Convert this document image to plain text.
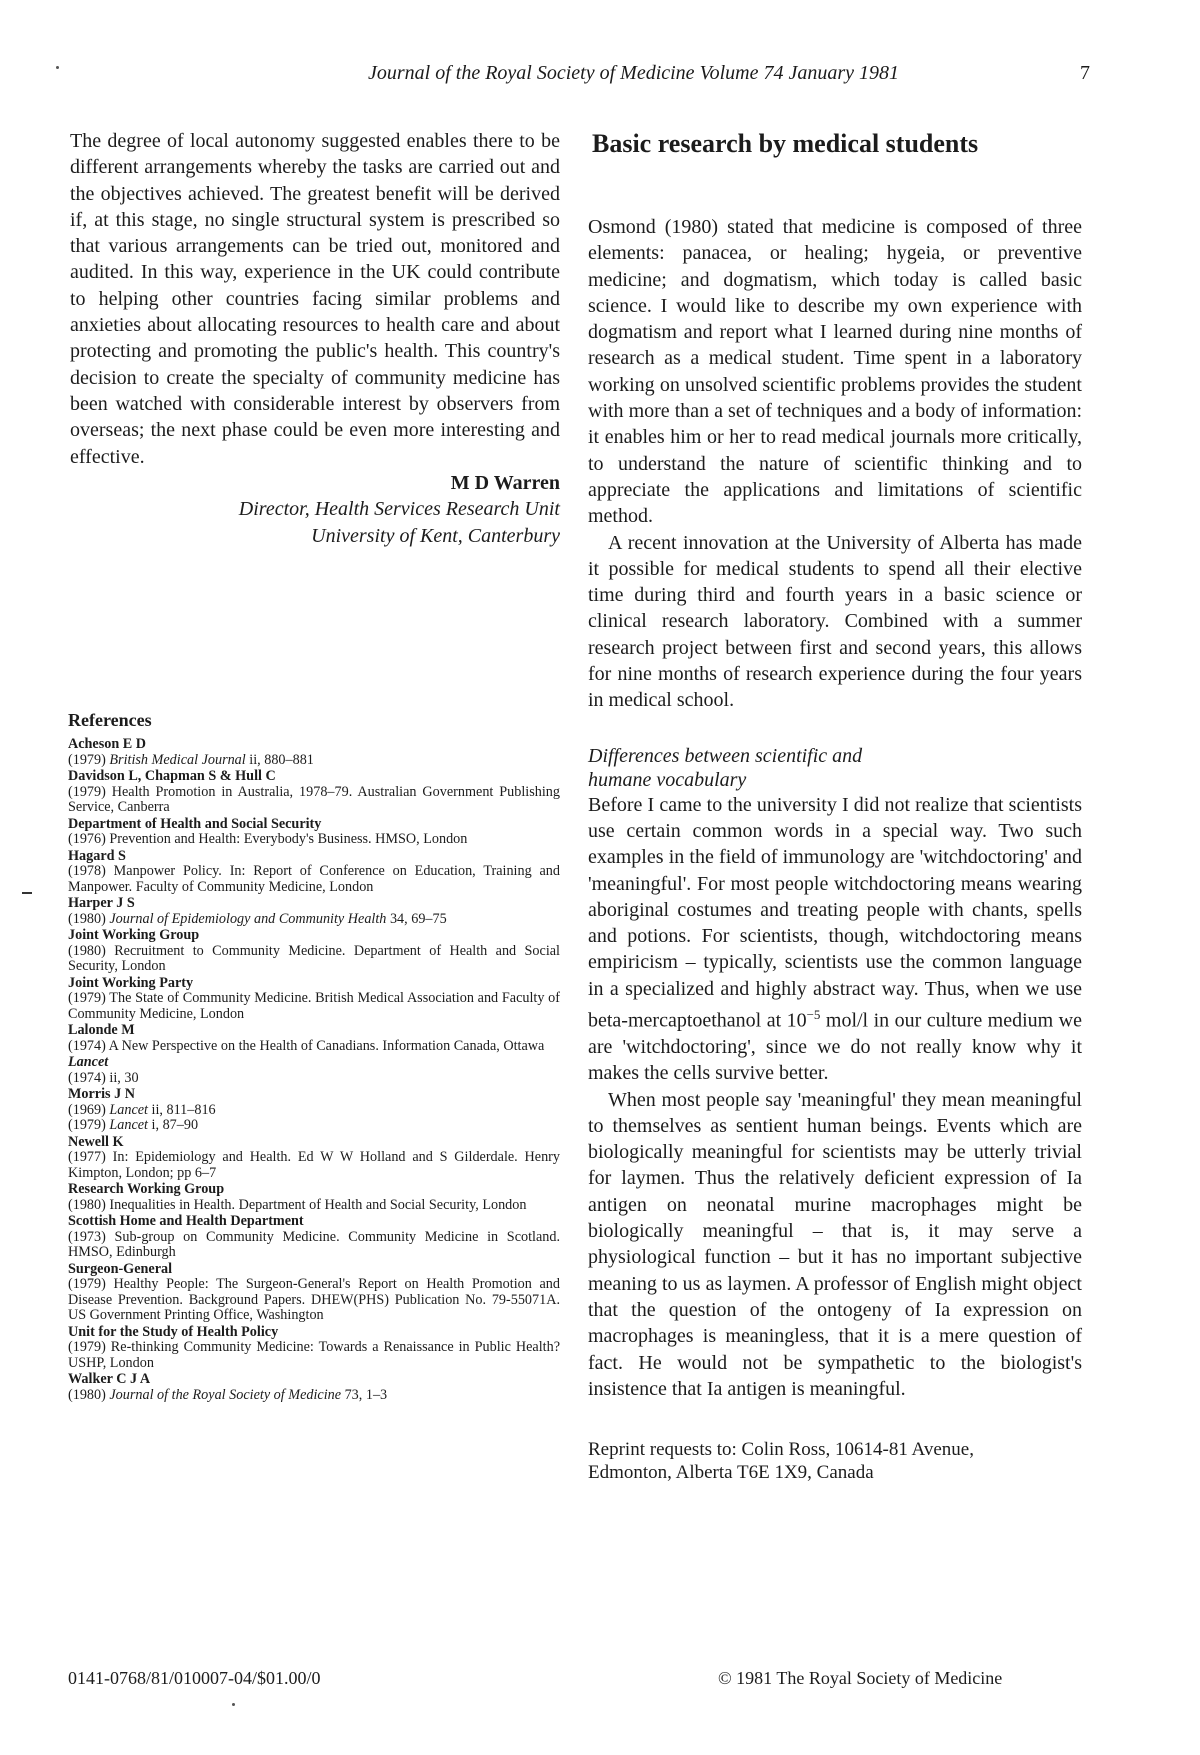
Journal of the Royal Society of Medicine Volume 74 January 1981	7

The degree of local autonomy suggested enables there to be different arrangements whereby the tasks are carried out and the objectives achieved. The greatest benefit will be derived if, at this stage, no single structural system is prescribed so that various arrangements can be tried out, monitored and audited. In this way, experience in the UK could contribute to helping other countries facing similar problems and anxieties about allocating resources to health care and about protecting and promoting the public's health. This country's decision to create the specialty of community medicine has been watched with considerable interest by observers from overseas; the next phase could be even more interesting and effective.

M D Warren
Director, Health Services Research Unit
University of Kent, Canterbury
References
Acheson E D
(1979) British Medical Journal ii, 880–881
Davidson L, Chapman S & Hull C
(1979) Health Promotion in Australia, 1978–79. Australian Government Publishing Service, Canberra
Department of Health and Social Security
(1976) Prevention and Health: Everybody's Business. HMSO, London
Hagard S
(1978) Manpower Policy. In: Report of Conference on Education, Training and Manpower. Faculty of Community Medicine, London
Harper J S
(1980) Journal of Epidemiology and Community Health 34, 69–75
Joint Working Group
(1980) Recruitment to Community Medicine. Department of Health and Social Security, London
Joint Working Party
(1979) The State of Community Medicine. British Medical Association and Faculty of Community Medicine, London
Lalonde M
(1974) A New Perspective on the Health of Canadians. Information Canada, Ottawa
Lancet
(1974) ii, 30
Morris J N
(1969) Lancet ii, 811–816
(1979) Lancet i, 87–90
Newell K
(1977) In: Epidemiology and Health. Ed W W Holland and S Gilderdale. Henry Kimpton, London; pp 6–7
Research Working Group
(1980) Inequalities in Health. Department of Health and Social Security, London
Scottish Home and Health Department
(1973) Sub-group on Community Medicine. Community Medicine in Scotland. HMSO, Edinburgh
Surgeon-General
(1979) Healthy People: The Surgeon-General's Report on Health Promotion and Disease Prevention. Background Papers. DHEW(PHS) Publication No. 79-55071A. US Government Printing Office, Washington
Unit for the Study of Health Policy
(1979) Re-thinking Community Medicine: Towards a Renaissance in Public Health? USHP, London
Walker C J A
(1980) Journal of the Royal Society of Medicine 73, 1–3
Basic research by medical students

Osmond (1980) stated that medicine is composed of three elements: panacea, or healing; hygeia, or preventive medicine; and dogmatism, which today is called basic science. I would like to describe my own experience with dogmatism and report what I learned during nine months of research as a medical student. Time spent in a laboratory working on unsolved scientific problems provides the student with more than a set of techniques and a body of information: it enables him or her to read medical journals more critically, to understand the nature of scientific thinking and to appreciate the applications and limitations of scientific method.

A recent innovation at the University of Alberta has made it possible for medical students to spend all their elective time during third and fourth years in a basic science or clinical research laboratory. Combined with a summer research project between first and second years, this allows for nine months of research experience during the four years in medical school.

Differences between scientific and
humane vocabulary

Before I came to the university I did not realize that scientists use certain common words in a special way. Two such examples in the field of immunology are 'witchdoctoring' and 'meaningful'. For most people witchdoctoring means wearing aboriginal costumes and treating people with chants, spells and potions. For scientists, though, witchdoctoring means empiricism – typically, scientists use the common language in a specialized and highly abstract way. Thus, when we use beta-mercaptoethanol at $10^{-5}$ mol/l in our culture medium we are 'witchdoctoring', since we do not really know why it makes the cells survive better.

When most people say 'meaningful' they mean meaningful to themselves as sentient human beings. Events which are biologically meaningful for scientists may be utterly trivial for laymen. Thus the relatively deficient expression of Ia antigen on neonatal murine macrophages might be biologically meaningful – that is, it may serve a physiological function – but it has no important subjective meaning to us as laymen. A professor of English might object that the question of the ontogeny of Ia expression on macrophages is meaningless, that it is a mere question of fact. He would not be sympathetic to the biologist's insistence that Ia antigen is meaningful.

Reprint requests to: Colin Ross, 10614-81 Avenue,
Edmonton, Alberta T6E 1X9, Canada
0141-0768/81/010007-04/$01.00/0	© 1981 The Royal Society of Medicine
